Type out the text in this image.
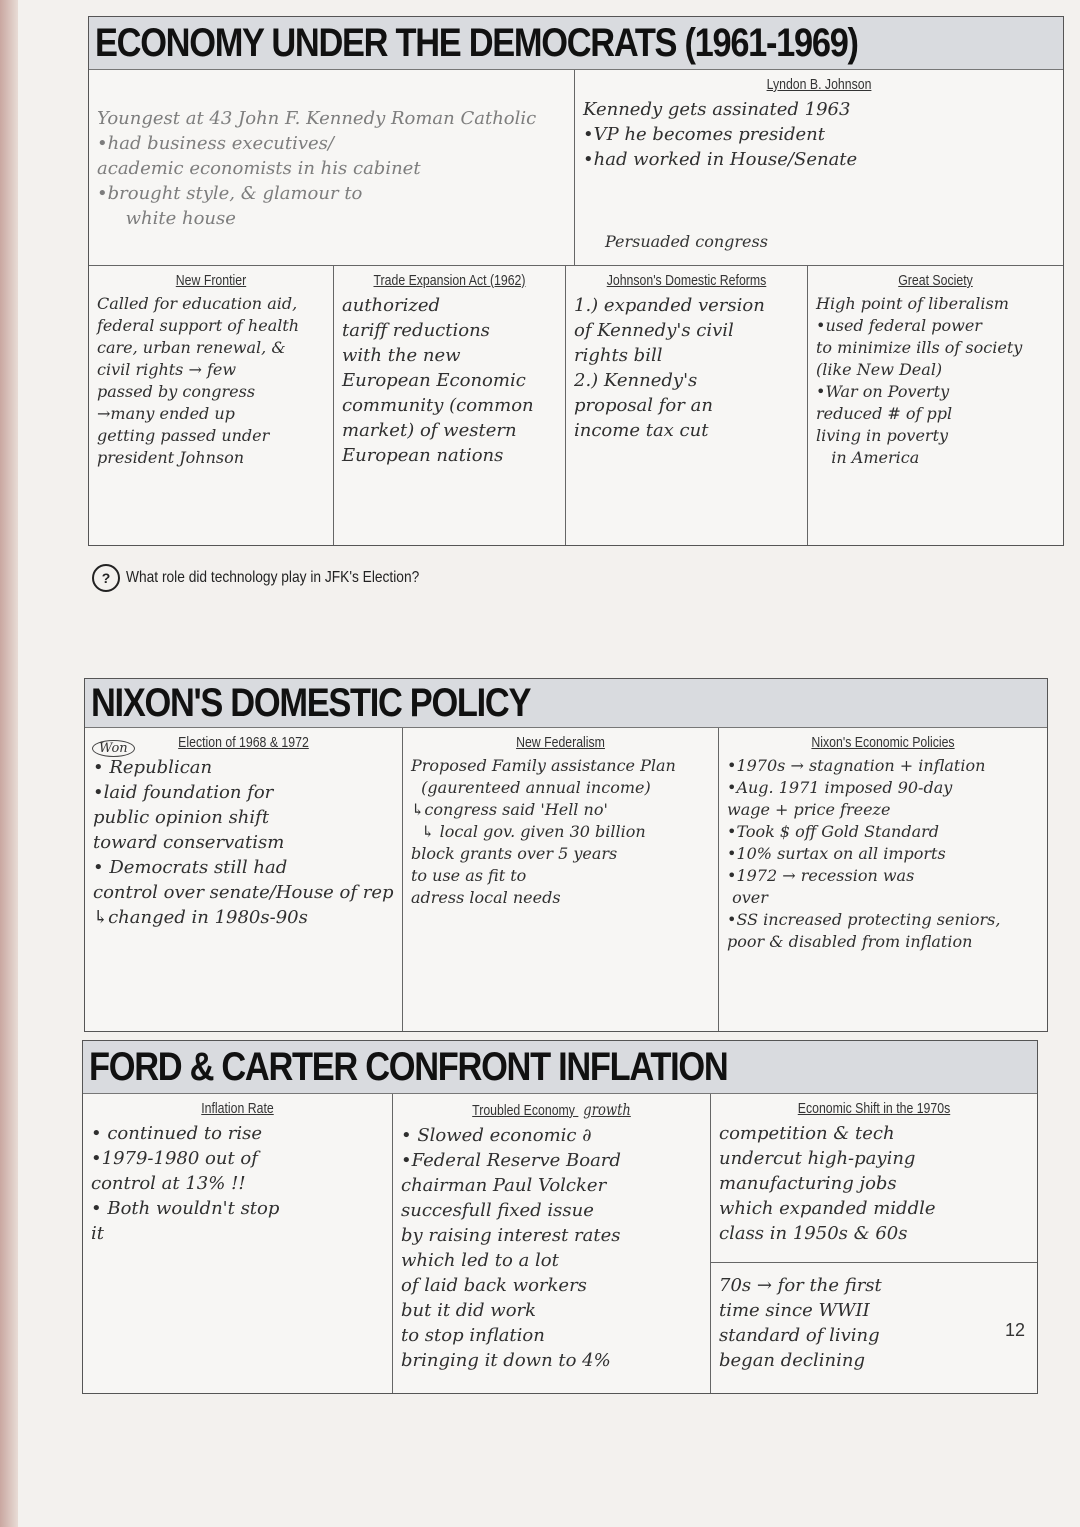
ECONOMY UNDER THE DEMOCRATS (1961-1969)

Youngest at 43 John F. Kennedy Roman Catholic
•had business executives/
academic economists in his cabinet
•brought style, & glamour to
white house

Lyndon B. Johnson

Kennedy gets assinated 1963
•VP he becomes president
•had worked in House/Senate

Persuaded congress
New Frontier

Called for education aid,
federal support of health
care, urban renewal, &
civil rights → few
passed by congress
→many ended up
getting passed under
president Johnson

Trade Expansion Act (1962)

authorized
tariff reductions
with the new
European Economic
community (common
market) of western
European nations

Johnson's Domestic Reforms

1.) expanded version
of Kennedy's civil
rights bill
2.) Kennedy's
proposal for an
income tax cut

Great Society

High point of liberalism
•used federal power
to minimize ills of society
(like New Deal)
•War on Poverty
reduced # of ppl
living in poverty
in America

? What role did technology play in JFK's Election?
NIXON'S DOMESTIC POLICY
Election of 1968 & 1972

• Republican
•laid foundation for
public opinion shift
toward conservatism
• Democrats still had
control over senate/House of rep
↳changed in 1980s-90s

New Federalism

Proposed Family assistance Plan
(gaurenteed annual income)
↳congress said 'Hell no'
↳ local gov. given 30 billion
block grants over 5 years
to use as fit to
adress local needs

Nixon's Economic Policies

•1970s → stagnation + inflation
•Aug. 1971 imposed 90-day
wage + price freeze
•Took $ off Gold Standard
•10% surtax on all imports
•1972 → recession was
over
•SS increased protecting seniors,
poor & disabled from inflation

Won
FORD & CARTER CONFRONT INFLATION
Inflation Rate

• continued to rise
•1979-1980 out of
control at 13% !!
• Both wouldn't stop
it

Troubled Economy growth

• Slowed economic ∂
•Federal Reserve Board
chairman Paul Volcker
succesfull fixed issue
by raising interest rates
which led to a lot
of laid back workers
but it did work
to stop inflation
bringing it down to 4%

Economic Shift in the 1970s

competition & tech
undercut high-paying
manufacturing jobs
which expanded middle
class in 1950s & 60s

70s → for the first
time since WWII
standard of living
began declining

12
